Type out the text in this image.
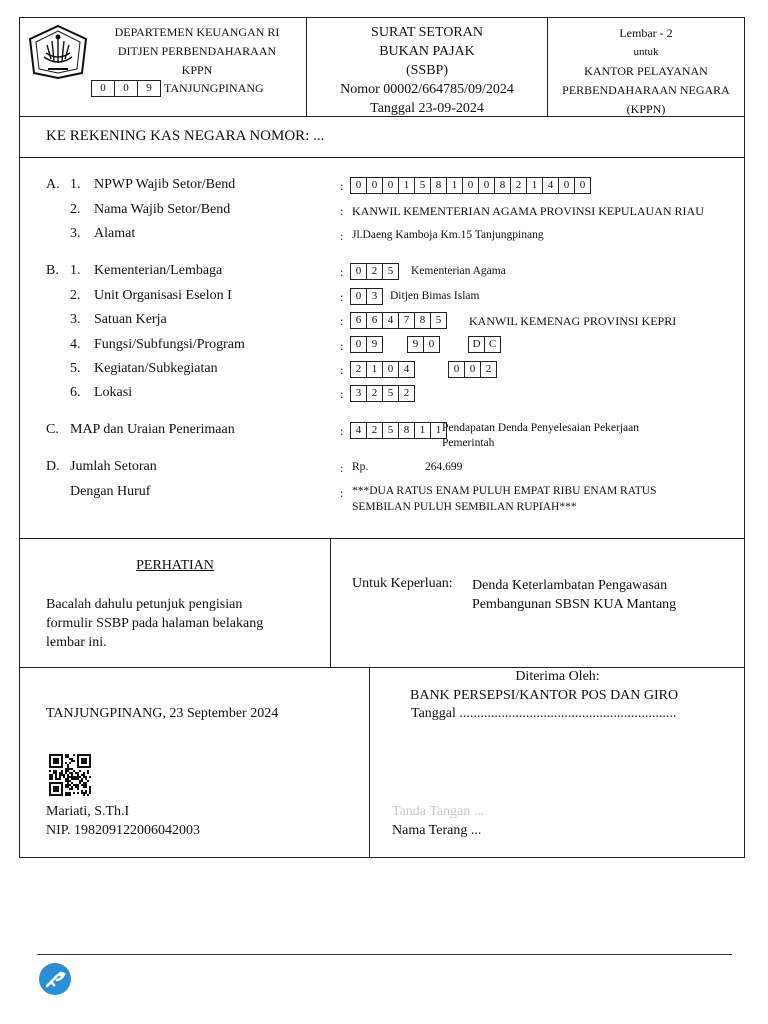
DEPARTEMEN KEUANGAN RI
DITJEN PERBENDAHARAAN
KPPN
0	0	9	TANJUNGPINANG
SURAT SETORAN
BUKAN PAJAK
(SSBP)
Nomor 00002/664785/09/2024
Tanggal 23-09-2024
Lembar - 2
untuk
KANTOR PELAYANAN
PERBENDAHARAAN NEGARA
(KPPN)
KE REKENING KAS NEGARA NOMOR: ...
A. 1. NPWP Wajib Setor/Bend	:	0 0 0 1 5 8 1 0 0 8 2 1 4 0 0
2. Nama Wajib Setor/Bend	: KANWIL KEMENTERIAN AGAMA PROVINSI KEPULAUAN RIAU
3. Alamat	: Jl.Daeng Kamboja Km.15 Tanjungpinang
B. 1. Kementerian/Lembaga	:	0 2 5	Kementerian Agama
2. Unit Organisasi Eselon I	:	0 3	Ditjen Bimas Islam
3. Satuan Kerja	:	6 6 4 7 8 5	KANWIL KEMENAG PROVINSI KEPRI
4. Fungsi/Subfungsi/Program	:	0 9	9 0	D C
5. Kegiatan/Subkegiatan	:	2 1 0 4	0 0 2
6. Lokasi	:	3 2 5 2
C. MAP dan Uraian Penerimaan	:	4 2 5 8 1 1 Pendapatan Denda Penyelesaian Pekerjaan
Pemerintah
D. Jumlah Setoran	: Rp.	264.699
Dengan Huruf	: ***DUA RATUS ENAM PULUH EMPAT RIBU ENAM RATUS
SEMBILAN PULUH SEMBILAN RUPIAH***
PERHATIAN
Bacalah dahulu petunjuk pengisian
formulir SSBP pada halaman belakang
lembar ini.
Untuk Keperluan: Denda Keterlambatan Pengawasan
Pembangunan SBSN KUA Mantang
TANJUNGPINANG, 23 September 2024
Mariati, S.Th.I
NIP. 198209122006042003
Diterima Oleh:
BANK PERSEPSI/KANTOR POS DAN GIRO
Tanggal ..............................................................
Tanda Tangan ...
Nama Terang ...
